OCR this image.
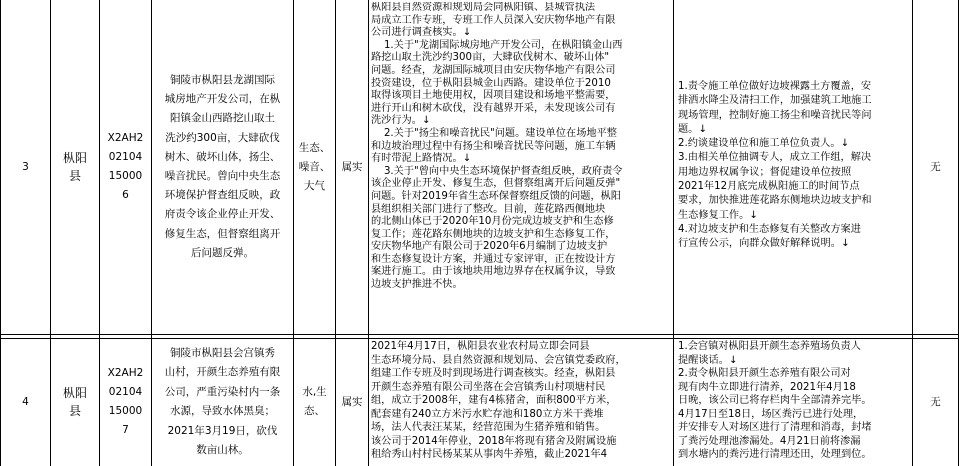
3
枞阳
县
X2AH2
02104
15000
6
铜陵市枞阳县龙湖国际
城房地产开发公司，在枞
阳镇金山西路挖山取土
洗沙约300亩，大肆砍伐
树木、破坏山体，扬尘、
噪音扰民。曾向中央生态
环境保护督查组反映，政
府责令该企业停止开发、
修复生态，但督察组离开
后问题反弹。
生态、
噪音、
大气
属实
枞阳县自然资源和规划局会同枞阳镇、县城管执法
局成立工作专班，专班工作人员深入安庆物华地产有限
公司进行调查核实。↓
1.关于"龙湖国际城房地产开发公司，在枞阳镇金山西
路挖山取土洗沙约300亩，大肆砍伐树木、破坏山体"
问题。经查，龙湖国际城项目由安庆物华地产有限公司
投资建设，位于枞阳县城金山西路。建设单位于2010
取得该项目土地使用权，因项目建设和场地平整需要，
进行开山和树木砍伐，没有越界开采，未发现该公司有
洗沙行为。↓
2.关于"扬尘和噪音扰民"问题。建设单位在场地平整
和边坡治理过程中有扬尘和噪音扰民等问题，施工车辆
有时带泥上路情况。↓
3.关于"曾向中央生态环境保护督查组反映，政府责令
该企业停止开发、修复生态，但督察组离开后问题反弹"
问题。针对2019年省生态环保督察组反馈的问题，枞阳
县组织相关部门进行了整改。目前，莲花路西侧地块
的北侧山体已于2020年10月份完成边坡支护和生态修
复工作；莲花路东侧地块的边坡支护和生态修复工作，
安庆物华地产有限公司于2020年6月编制了边坡支护
和生态修复设计方案，并通过专家评审，正在按设计方
案进行施工。由于该地块用地边界存在权属争议，导致
边坡支护推进不快。
1.责令施工单位做好边坡裸露土方覆盖，安
排洒水降尘及清扫工作，加强建筑工地施工
现场管理，控制好施工扬尘和噪音扰民等问
题。↓
2.约谈建设单位和施工单位负责人。↓
3.由相关单位抽调专人，成立工作组，解决
用地边界权属争议；督促建设单位按照
2021年12月底完成枞阳施工的时间节点
要求，加快推进莲花路东侧地块边坡支护和
生态修复工作。↓
4.对边坡支护和生态修复有关整改方案进
行宣传公示，向群众做好解释说明。↓
无
4
枞阳
县
X2AH2
02104
15000
7
铜陵市枞阳县会宫镇秀
山村，开颜生态养殖有限
公司，严重污染村内一条
水源，导致水体黑臭；
2021年3月19日，砍伐
数亩山林。
水,生
态、
属实
2021年4月17日，枞阳县农业农村局立即会同县
生态环境分局、县自然资源和规划局、会宫镇党委政府，
组建工作专班及时到现场进行调查核实。经查，枞阳县
开颜生态养殖有限公司坐落在会宫镇秀山村项塘村民
组，成立于2008年，建有4栋猪舍，面积800平方米，
配套建有240立方米污水贮存池和180立方米干粪堆
场，法人代表汪某某，经营范围为生猪养殖和销售。
该公司于2014年停业，2018年将现有猪舍及附属设施
租给秀山村村民杨某某从事肉牛养殖，截止2021年4
1.会宫镇对枞阳县开颜生态养殖场负责人
提醒谈话。↓
2.责令枞阳县开颜生态养殖有限公司对
现有肉牛立即进行清养，2021年4月18
日晚，该公司已将存栏肉牛全部清养完毕。
4月17日至18日，场区粪污已进行处理，
并安排专人对场区进行了清理和消毒，封堵
了粪污处理池渗漏处。4月21日前将渗漏
到水塘内的粪污进行清理还田，处理到位。
无
